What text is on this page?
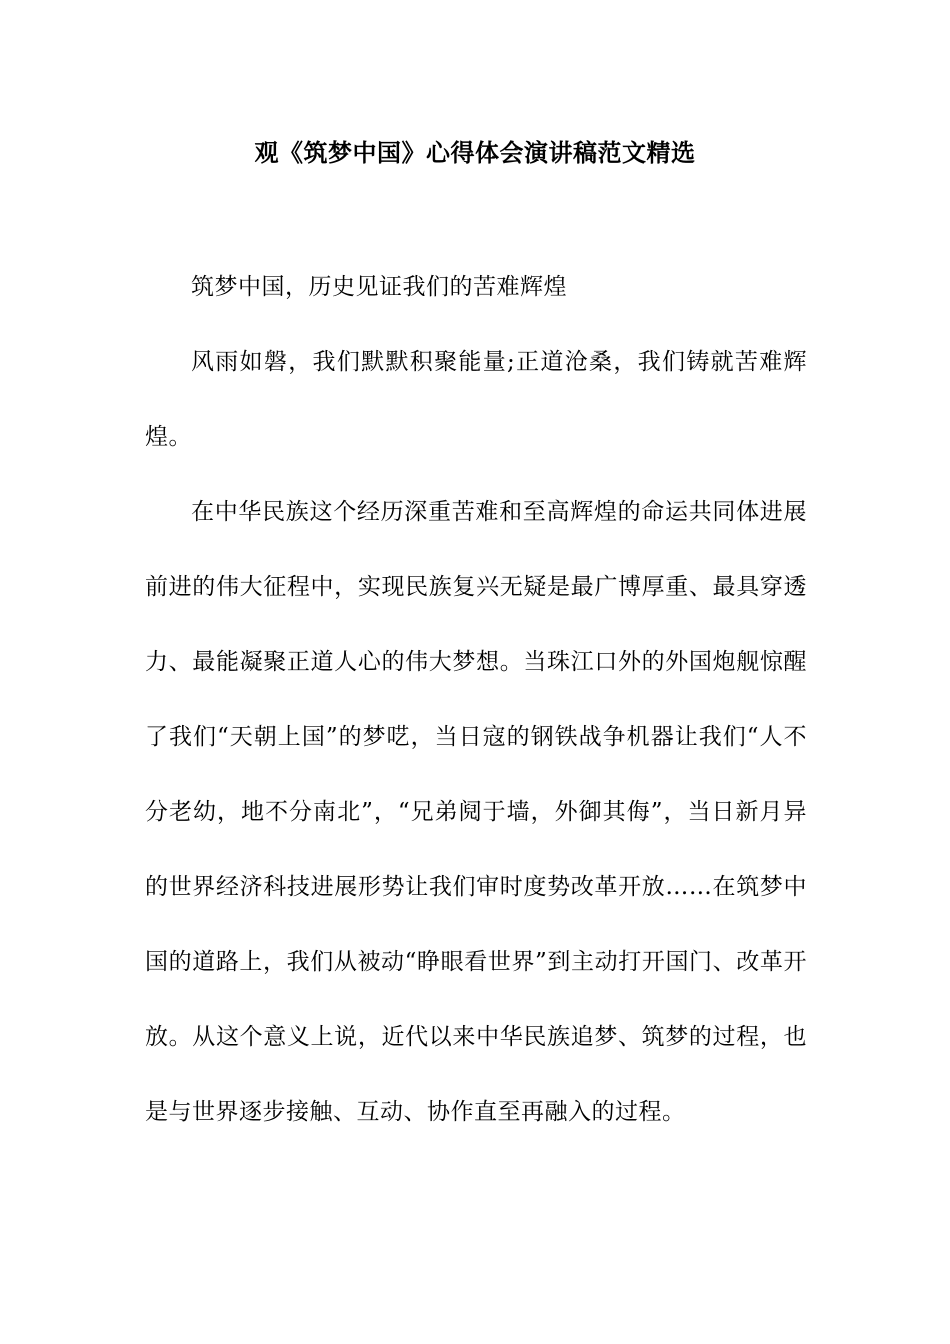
观《筑梦中国》心得体会演讲稿范文精选

筑梦中国，历史见证我们的苦难辉煌

风雨如磐，我们默默积聚能量;正道沧桑，我们铸就苦难辉煌。

在中华民族这个经历深重苦难和至高辉煌的命运共同体进展前进的伟大征程中，实现民族复兴无疑是最广博厚重、最具穿透力、最能凝聚正道人心的伟大梦想。当珠江口外的外国炮舰惊醒了我们“天朝上国”的梦呓，当日寇的钢铁战争机器让我们“人不分老幼，地不分南北”，“兄弟阋于墙，外御其侮”，当日新月异的世界经济科技进展形势让我们审时度势改革开放……在筑梦中国的道路上，我们从被动“睁眼看世界”到主动打开国门、改革开放。从这个意义上说，近代以来中华民族追梦、筑梦的过程，也是与世界逐步接触、互动、协作直至再融入的过程。
